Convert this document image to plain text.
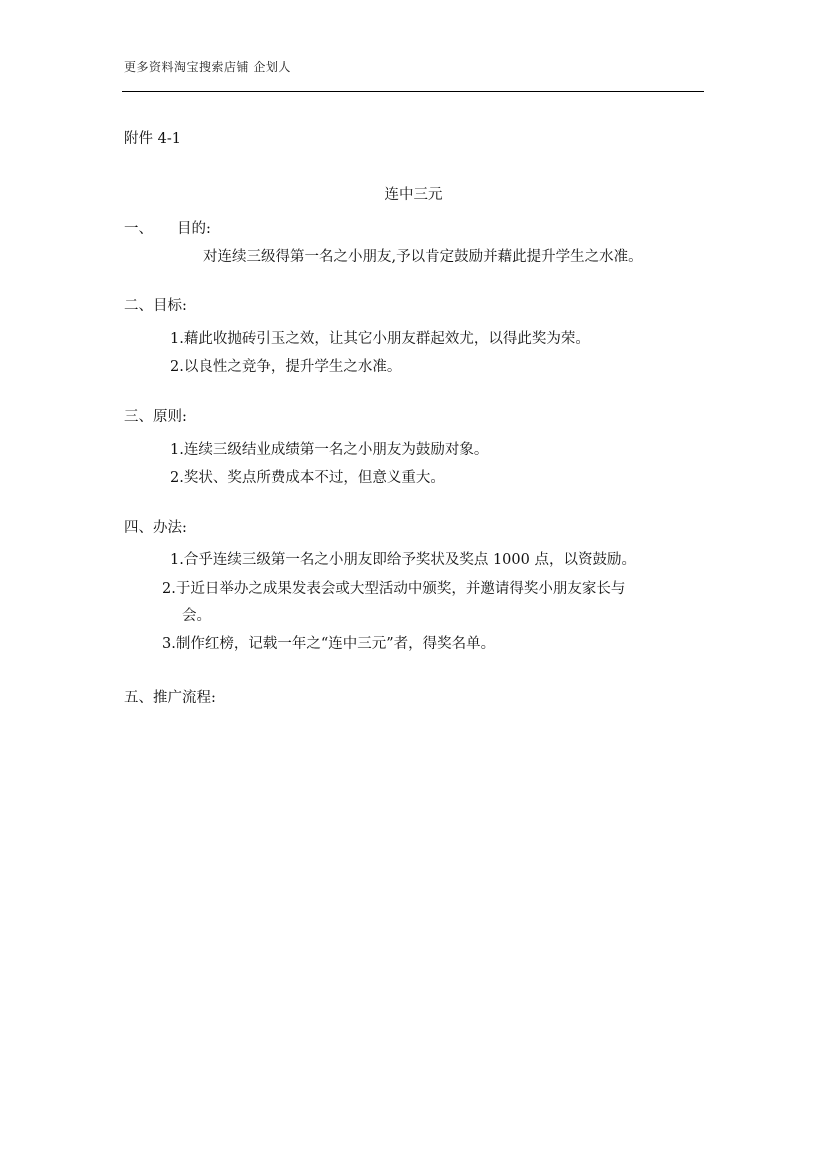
更多资料淘宝搜索店铺 企划人
附件 4-1
连中三元
一、 目的:
对连续三级得第一名之小朋友,予以肯定鼓励并藉此提升学生之水准。
二、目标:
1.藉此收抛砖引玉之效，让其它小朋友群起效尤，以得此奖为荣。
2.以良性之竞争，提升学生之水准。
三、原则:
1.连续三级结业成绩第一名之小朋友为鼓励对象。
2.奖状、奖点所费成本不过，但意义重大。
四、办法:
1.合乎连续三级第一名之小朋友即给予奖状及奖点 1000 点，以资鼓励。
2.于近日举办之成果发表会或大型活动中颁奖，并邀请得奖小朋友家长与
会。
3.制作红榜，记载一年之“连中三元”者，得奖名单。
五、推广流程:
